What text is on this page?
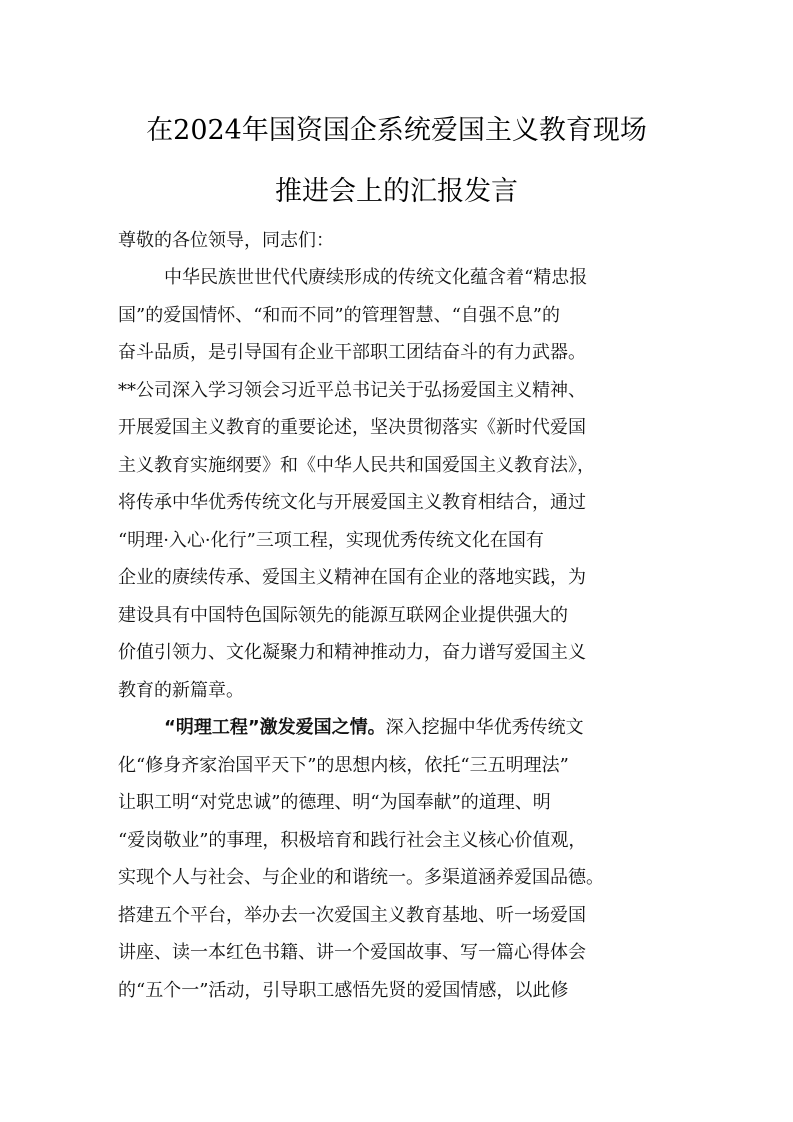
在2024年国资国企系统爱国主义教育现场
推进会上的汇报发言

尊敬的各位领导，同志们：

中华民族世世代代赓续形成的传统文化蕴含着“精忠报
国”的爱国情怀、“和而不同”的管理智慧、“自强不息”的
奋斗品质，是引导国有企业干部职工团结奋斗的有力武器。
**公司深入学习领会习近平总书记关于弘扬爱国主义精神、
开展爱国主义教育的重要论述，坚决贯彻落实《新时代爱国
主义教育实施纲要》和《中华人民共和国爱国主义教育法》，
将传承中华优秀传统文化与开展爱国主义教育相结合，通过
“明理·入心·化行”三项工程，实现优秀传统文化在国有
企业的赓续传承、爱国主义精神在国有企业的落地实践，为
建设具有中国特色国际领先的能源互联网企业提供强大的
价值引领力、文化凝聚力和精神推动力，奋力谱写爱国主义
教育的新篇章。

“明理工程”激发爱国之情。深入挖掘中华优秀传统文
化“修身齐家治国平天下”的思想内核，依托“三五明理法”
让职工明“对党忠诚”的德理、明“为国奉献”的道理、明
“爱岗敬业”的事理，积极培育和践行社会主义核心价值观，
实现个人与社会、与企业的和谐统一。多渠道涵养爱国品德。
搭建五个平台，举办去一次爱国主义教育基地、听一场爱国
讲座、读一本红色书籍、讲一个爱国故事、写一篇心得体会
的“五个一”活动，引导职工感悟先贤的爱国情感，以此修
